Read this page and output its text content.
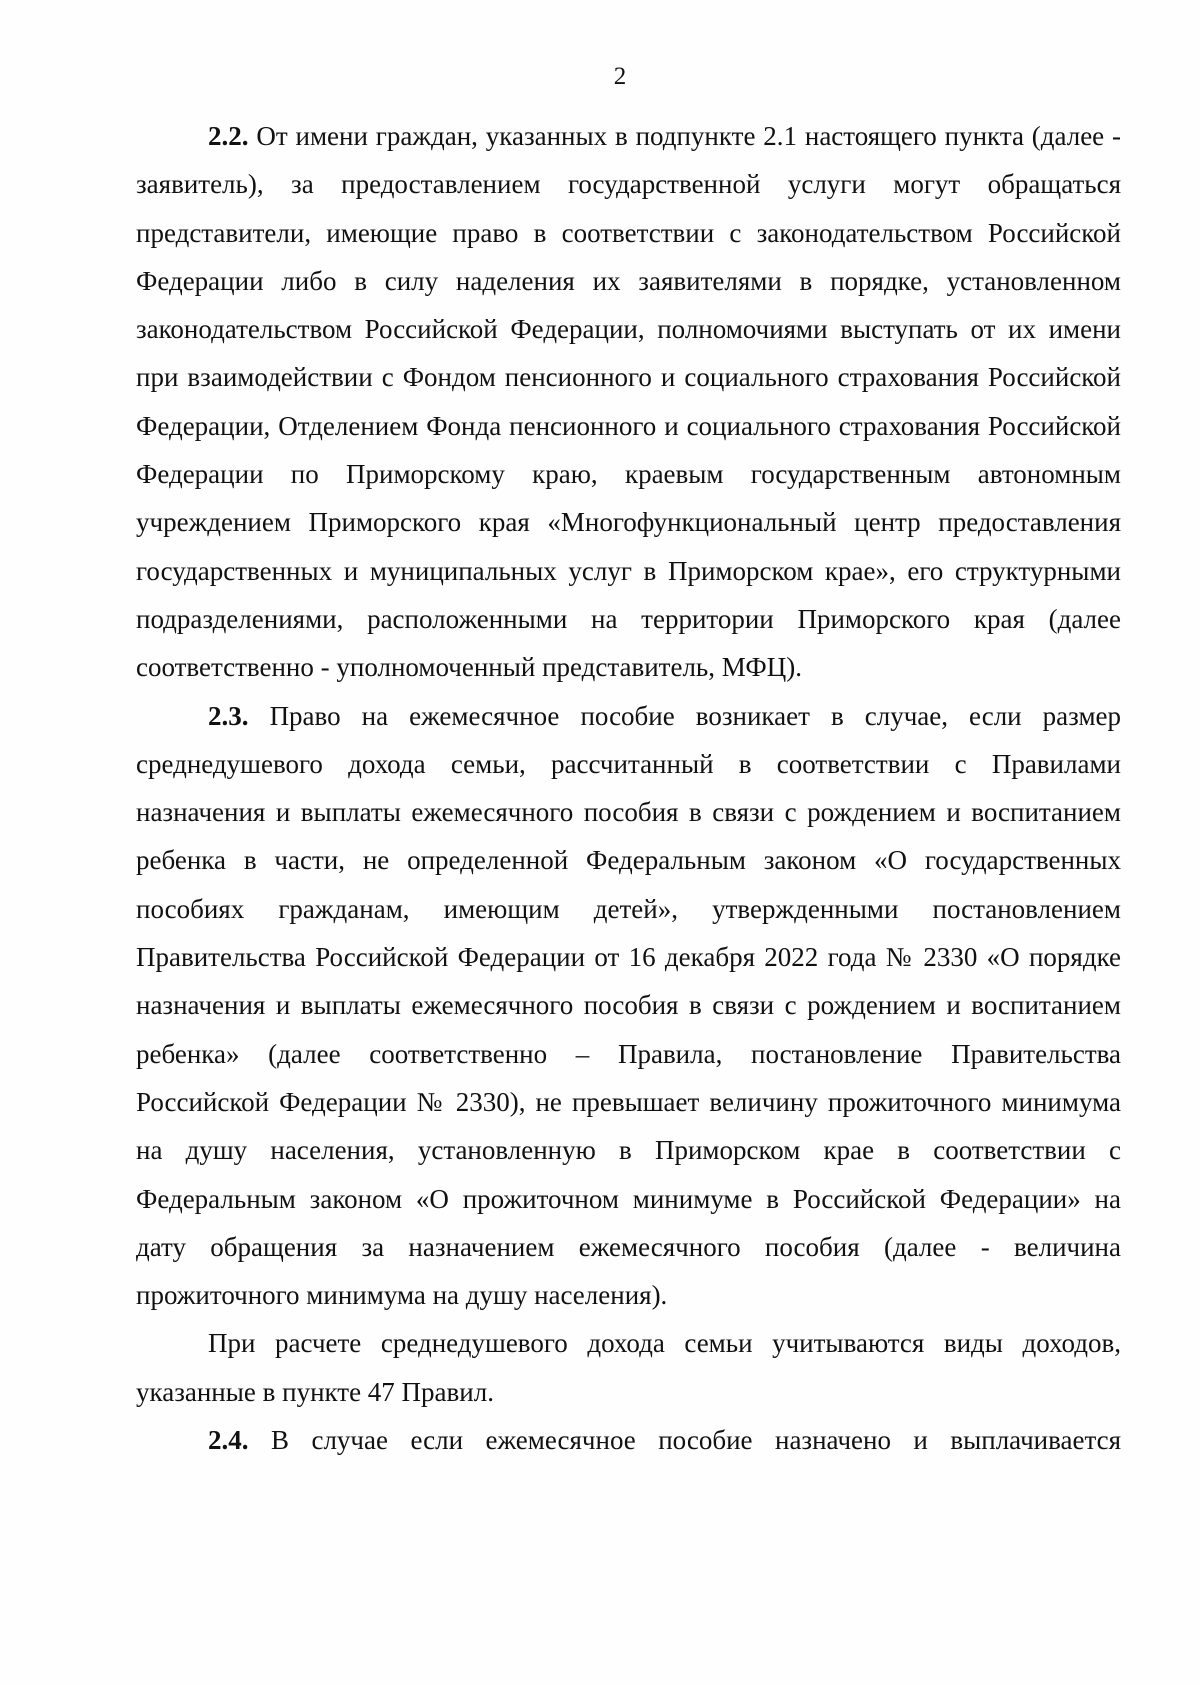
2

2.2. От имени граждан, указанных в подпункте 2.1 настоящего пункта (далее - заявитель), за предоставлением государственной услуги могут обращаться представители, имеющие право в соответствии с законодательством Российской Федерации либо в силу наделения их заявителями в порядке, установленном законодательством Российской Федерации, полномочиями выступать от их имени при взаимодействии с Фондом пенсионного и социального страхования Российской Федерации, Отделением Фонда пенсионного и социального страхования Российской Федерации по Приморскому краю, краевым государственным автономным учреждением Приморского края «Многофункциональный центр предоставления государственных и муниципальных услуг в Приморском крае», его структурными подразделениями, расположенными на территории Приморского края (далее соответственно - уполномоченный представитель, МФЦ).

2.3. Право на ежемесячное пособие возникает в случае, если размер среднедушевого дохода семьи, рассчитанный в соответствии с Правилами назначения и выплаты ежемесячного пособия в связи с рождением и воспитанием ребенка в части, не определенной Федеральным законом «О государственных пособиях гражданам, имеющим детей», утвержденными постановлением Правительства Российской Федерации от 16 декабря 2022 года № 2330 «О порядке назначения и выплаты ежемесячного пособия в связи с рождением и воспитанием ребенка» (далее соответственно – Правила, постановление Правительства Российской Федерации № 2330), не превышает величину прожиточного минимума на душу населения, установленную в Приморском крае в соответствии с Федеральным законом «О прожиточном минимуме в Российской Федерации» на дату обращения за назначением ежемесячного пособия (далее - величина прожиточного минимума на душу населения).

При расчете среднедушевого дохода семьи учитываются виды доходов, указанные в пункте 47 Правил.

2.4. В случае если ежемесячное пособие назначено и выплачивается
